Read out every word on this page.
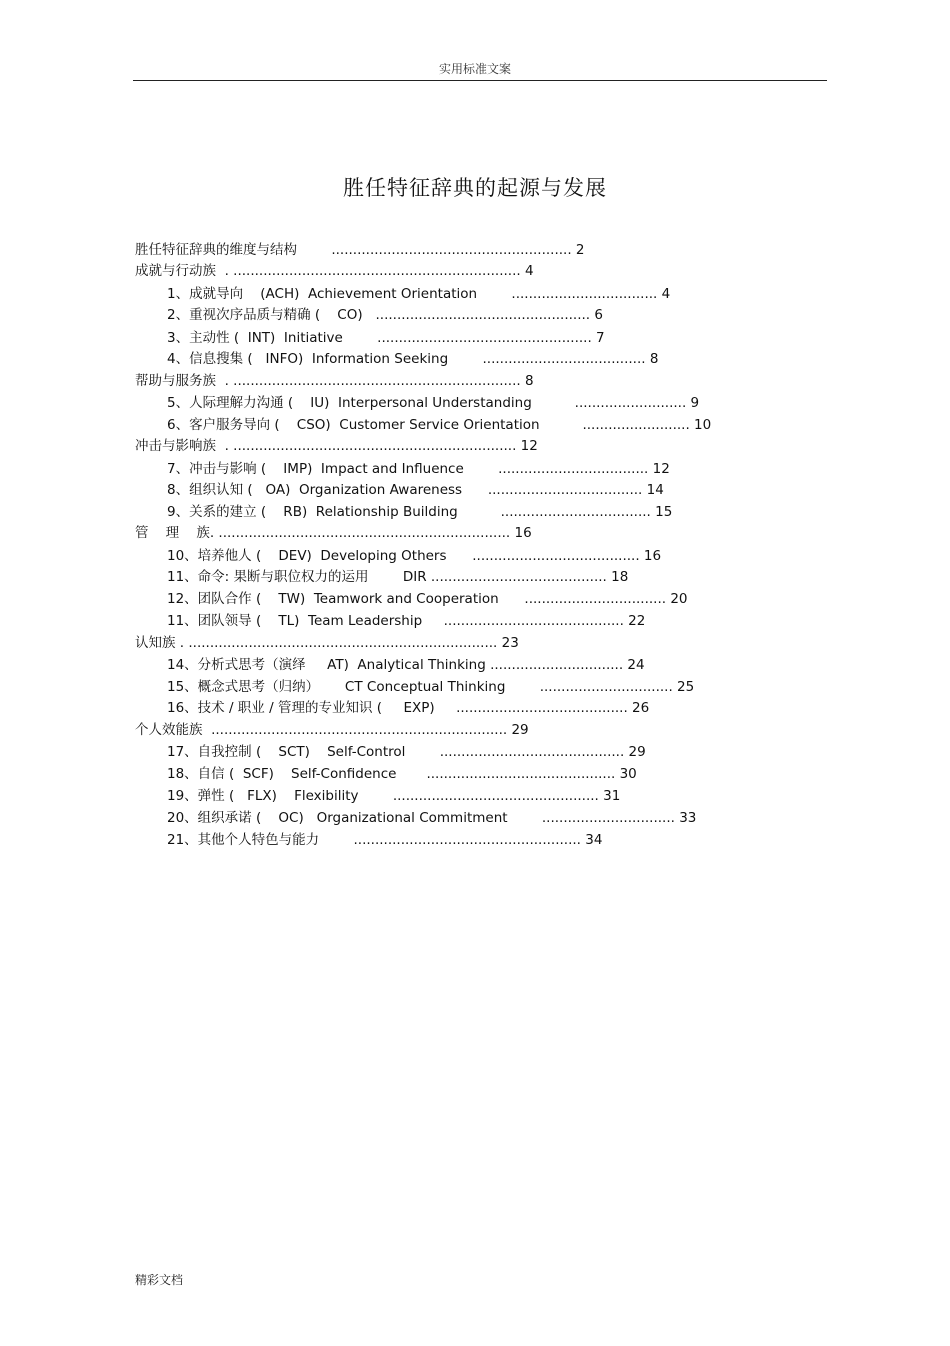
实用标准文案
胜任特征辞典的起源与发展
胜任特征辞典的维度与结构        ........................................................ 2
成就与行动族  . ................................................................... 4
1、成就导向    (ACH)  Achievement Orientation        .................................. 4
2、重视次序品质与精确 (    CO)   .................................................. 6
3、主动性 (  INT)  Initiative        .................................................. 7
4、信息搜集 (   INFO)  Information Seeking        ...................................... 8
帮助与服务族  . ................................................................... 8
5、人际理解力沟通 (    IU)  Interpersonal Understanding          .......................... 9
6、客户服务导向 (    CSO)  Customer Service Orientation          ......................... 10
冲击与影响族  . .................................................................. 12
7、冲击与影响 (    IMP)  Impact and Influence        ................................... 12
8、组织认知 (   OA)  Organization Awareness      .................................... 14
9、关系的建立 (    RB)  Relationship Building          ................................... 15
管    理    族. .................................................................... 16
10、培养他人 (    DEV)  Developing Others      ....................................... 16
11、命令: 果断与职位权力的运用        DIR ......................................... 18
12、团队合作 (    TW)  Teamwork and Cooperation      ................................. 20
11、团队领导 (    TL)  Team Leadership     .......................................... 22
认知族 . ........................................................................ 23
14、分析式思考（演绎     AT)  Analytical Thinking ............................... 24
15、概念式思考（归纳）      CT Conceptual Thinking        ............................... 25
16、技术 / 职业 / 管理的专业知识 (     EXP)     ........................................ 26
个人效能族  ..................................................................... 29
17、自我控制 (    SCT)    Self-Control        ........................................... 29
18、自信 (  SCF)    Self-Confidence       ............................................ 30
19、弹性 (   FLX)    Flexibility        ................................................ 31
20、组织承诺 (    OC)   Organizational Commitment        ............................... 33
21、其他个人特色与能力        ..................................................... 34
精彩文档
